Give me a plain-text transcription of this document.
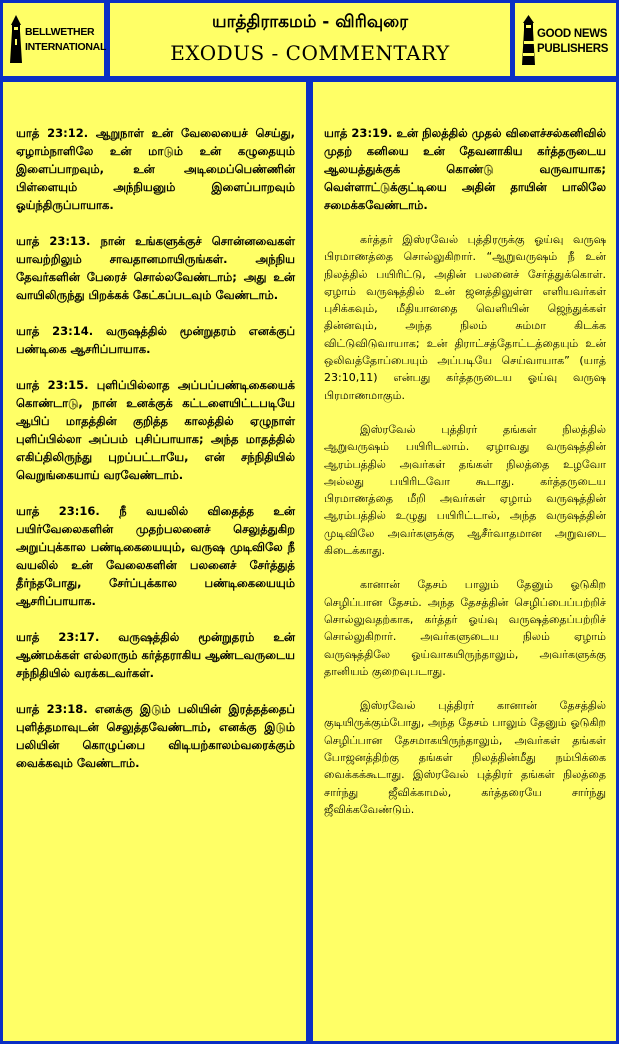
BELLWETHER
INTERNATIONAL
யாத்திராகமம் - விரிவுரை
EXODUS - COMMENTARY
GOOD NEWS
PUBLISHERS

யாத் 23:12. ஆறுநாள் உன் வேலையைச் செய்து, ஏழாம்நாளிலே உன் மாடும் உன் கழுதையும் இளைப்பாறவும், உன் அடிமைப்பெண்ணின் பிள்ளையும் அந்நியனும் இளைப்பாறவும் ஓய்ந்திருப்பாயாக.

யாத் 23:13. நான் உங்களுக்குச் சொன்னவைகள் யாவற்றிலும் சாவதானமாயிருங்கள். அந்நிய தேவர்களின் பேரைச் சொல்லவேண்டாம்; அது உன் வாயிலிருந்து பிறக்கக் கேட்கப்படவும் வேண்டாம்.

யாத் 23:14. வருஷத்தில் மூன்றுதரம் எனக்குப் பண்டிகை ஆசரிப்பாயாக.

யாத் 23:15. புளிப்பில்லாத அப்பப்பண்டிகையைக் கொண்டாடு, நான் உனக்குக் கட்டளையிட்டபடியே ஆபிப் மாதத்தின் குறித்த காலத்தில் ஏழுநாள் புளிப்பில்லா அப்பம் புசிப்பாயாக; அந்த மாதத்தில் எகிப்திலிருந்து புறப்பட்டாயே, என் சந்நிதியில் வெறுங்கையாய் வரவேண்டாம்.

யாத் 23:16. நீ வயலில் விதைத்த உன் பயிர்வேலைகளின் முதற்பலனைச் செலுத்துகிற அறுப்புக்கால பண்டிகையையும், வருஷ முடிவிலே நீ வயலில் உன் வேலைகளின் பலனைச் சேர்த்துத் தீர்ந்தபோது, சேர்ப்புக்கால பண்டிகையையும் ஆசரிப்பாயாக.

யாத் 23:17. வருஷத்தில் மூன்றுதரம் உன் ஆண்மக்கள் எல்லாரும் கர்த்தராகிய ஆண்டவருடைய சந்நிதியில் வரக்கடவர்கள்.

யாத் 23:18. எனக்கு இடும் பலியின் இரத்தத்தைப் புளித்தமாவுடன் செலுத்தவேண்டாம், எனக்கு இடும் பலியின் கொழுப்பை விடியற்காலம்வரைக்கும் வைக்கவும் வேண்டாம்.

யாத் 23:19. உன் நிலத்தில் முதல் விளைச்சல்கனிவில் முதற் கனியை உன் தேவனாகிய கர்த்தருடைய ஆலயத்துக்குக் கொண்டு வருவாயாக; வெள்ளாட்டுக்குட்டியை அதின் தாயின் பாலிலே சமைக்கவேண்டாம்.

கர்த்தர் இஸ்ரவேல் புத்திரருக்கு ஓய்வு வருஷ பிரமாணத்தை சொல்லுகிறார். “ஆறுவருஷம் நீ உன் நிலத்தில் பயிரிட்டு, அதின் பலனைச் சேர்த்துக்கொள். ஏழாம் வருஷத்தில் உன் ஜனத்திலுள்ள எளியவர்கள் புசிக்கவும், மீதியானதை வெளியின் ஜெந்துக்கள் தின்னவும், அந்த நிலம் சும்மா கிடக்க விட்டுவிடுவாயாக; உன் திராட்சத்தோட்டத்தையும் உன் ஒலிவத்தோப்பையும் அப்படியே செய்வாயாக” (யாத் 23:10,11) என்பது கர்த்தருடைய ஓய்வு வருஷ பிரமாணமாகும்.

இஸ்ரவேல் புத்திரர் தங்கள் நிலத்தில் ஆறுவருஷம் பயிரிடலாம். ஏழாவது வருஷத்தின் ஆரம்பத்தில் அவர்கள் தங்கள் நிலத்தை உழவோ அல்லது பயிரிடவோ கூடாது. கர்த்தருடைய பிரமாணத்தை மீறி அவர்கள் ஏழாம் வருஷத்தின் ஆரம்பத்தில் உழுது பயிரிட்டால், அந்த வருஷத்தின் முடிவிலே அவர்களுக்கு ஆசீர்வாதமான அறுவடை கிடைக்காது.

கானான் தேசம் பாலும் தேனும் ஓடுகிற செழிப்பான தேசம். அந்த தேசத்தின் செழிப்பைப்பற்றிச் சொல்லுவதற்காக, கர்த்தர் ஓய்வு வருஷத்தைப்பற்றிச் சொல்லுகிறார். அவர்களுடைய நிலம் ஏழாம் வருஷத்திலே ஓய்வாகயிருந்தாலும், அவர்களுக்கு தானியம் குறைவுபடாது.

இஸ்ரவேல் புத்திரர் கானான் தேசத்தில் குடியிருக்கும்போது, அந்த தேசம் பாலும் தேனும் ஓடுகிற செழிப்பான தேசமாகயிருந்தாலும், அவர்கள் தங்கள் போஜனத்திற்கு தங்கள் நிலத்தின்மீது நம்பிக்கை வைக்கக்கூடாது. இஸ்ரவேல் புத்திரர் தங்கள் நிலத்தை சார்ந்து ஜீவிக்காமல், கர்த்தரையே சார்ந்து ஜீவிக்கவேண்டும்.
